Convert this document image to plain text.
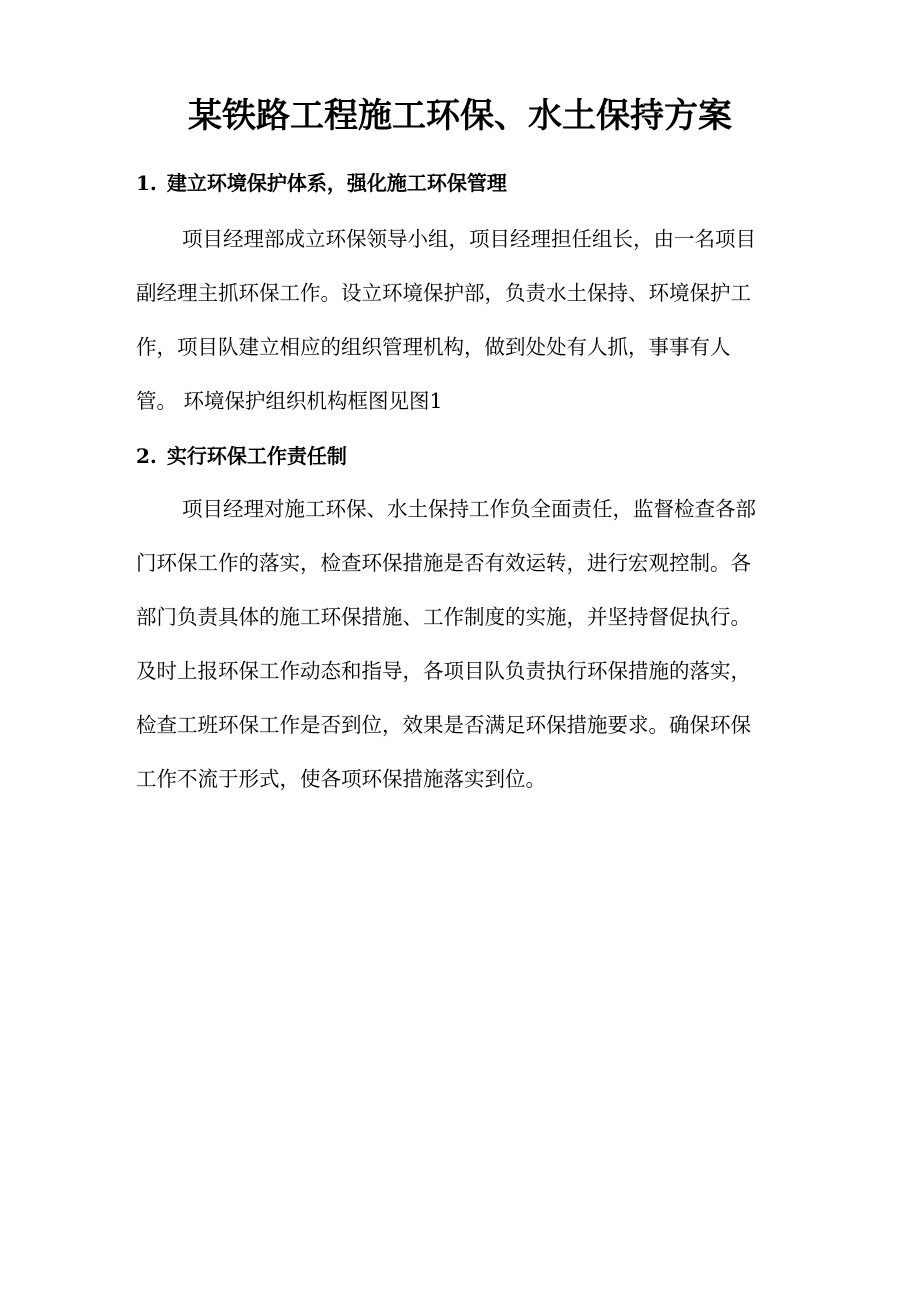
某铁路工程施工环保、水土保持方案
1. 建立环境保护体系，强化施工环保管理
项目经理部成立环保领导小组，项目经理担任组长，由一名项目
副经理主抓环保工作。设立环境保护部，负责水土保持、环境保护工
作，项目队建立相应的组织管理机构，做到处处有人抓，事事有人
管。 环境保护组织机构框图见图1
2. 实行环保工作责任制
项目经理对施工环保、水土保持工作负全面责任，监督检查各部
门环保工作的落实，检查环保措施是否有效运转，进行宏观控制。各
部门负责具体的施工环保措施、工作制度的实施，并坚持督促执行。
及时上报环保工作动态和指导，各项目队负责执行环保措施的落实，
检查工班环保工作是否到位，效果是否满足环保措施要求。确保环保
工作不流于形式，使各项环保措施落实到位。
